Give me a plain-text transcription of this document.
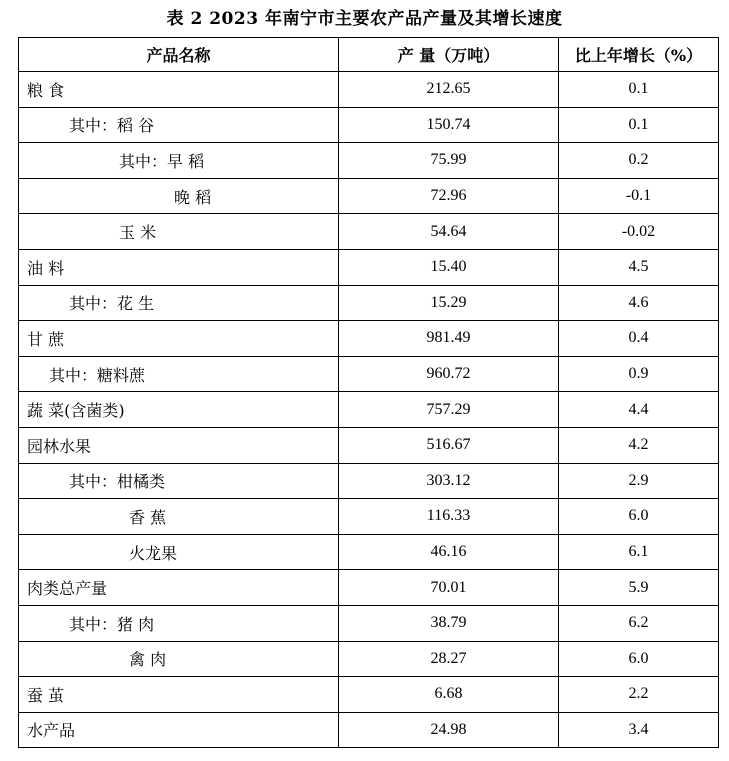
表 2 2023 年南宁市主要农产品产量及其增长速度
产品名称	产 量（万吨）	比上年增长（%）
粮 食	212.65	0.1
其中：稻 谷	150.74	0.1
其中：早 稻	75.99	0.2
晚 稻	72.96	-0.1
玉 米	54.64	-0.02
油 料	15.40	4.5
其中：花 生	15.29	4.6
甘 蔗	981.49	0.4
其中：糖料蔗	960.72	0.9
蔬 菜(含菌类)	757.29	4.4
园林水果	516.67	4.2
其中：柑橘类	303.12	2.9
香 蕉	116.33	6.0
火龙果	46.16	6.1
肉类总产量	70.01	5.9
其中：猪 肉	38.79	6.2
禽 肉	28.27	6.0
蚕 茧	6.68	2.2
水产品	24.98	3.4
